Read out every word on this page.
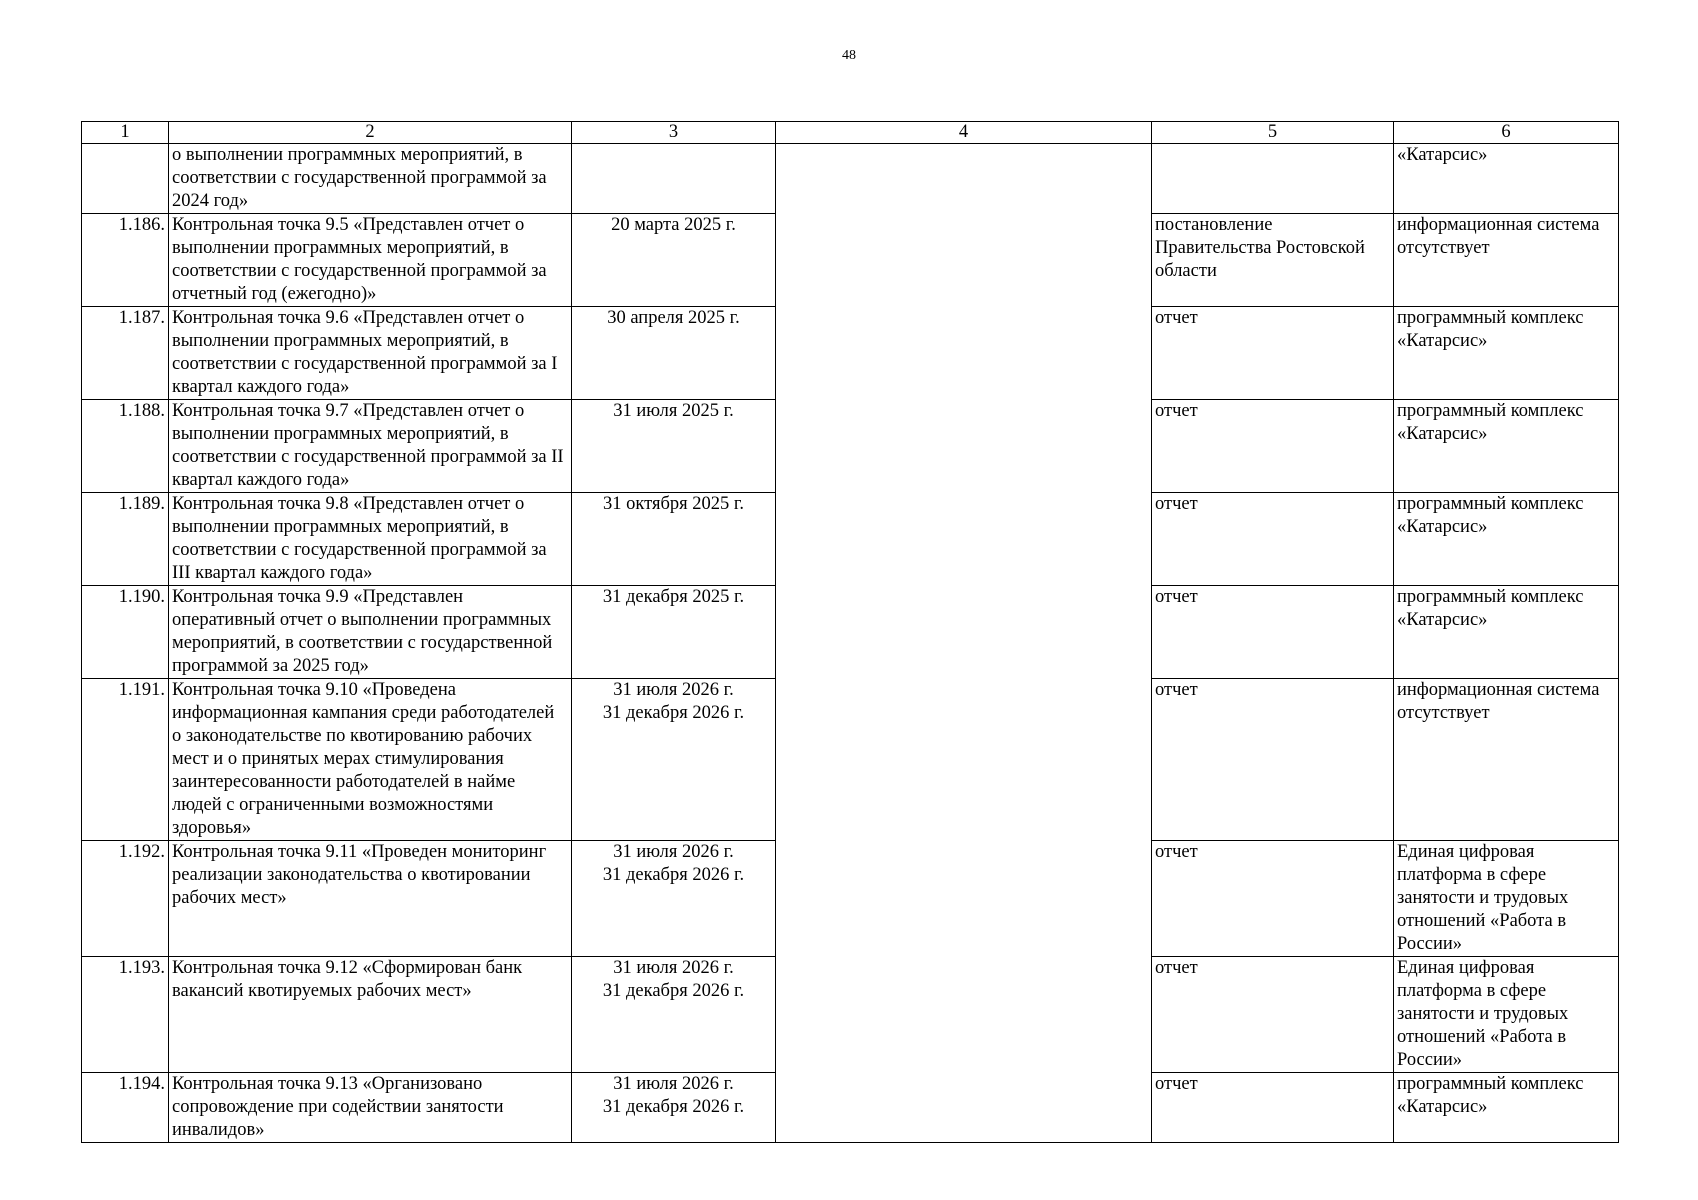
48
1	2	3	4	5	6
	о выполнении программных мероприятий, в соответствии с государственной программой за 2024 год»				«Катарсис»
1.186.	Контрольная точка 9.5 «Представлен отчет о выполнении программных мероприятий, в соответствии с государственной программой за отчетный год (ежегодно)»	20 марта 2025 г.		постановление Правительства Ростовской области	информационная система отсутствует
1.187.	Контрольная точка 9.6 «Представлен отчет о выполнении программных мероприятий, в соответствии с государственной программой за I квартал каждого года»	30 апреля 2025 г.		отчет	программный комплекс «Катарсис»
1.188.	Контрольная точка 9.7 «Представлен отчет о выполнении программных мероприятий, в соответствии с государственной программой за II квартал каждого года»	31 июля 2025 г.		отчет	программный комплекс «Катарсис»
1.189.	Контрольная точка 9.8 «Представлен отчет о выполнении программных мероприятий, в соответствии с государственной программой за III квартал каждого года»	31 октября 2025 г.		отчет	программный комплекс «Катарсис»
1.190.	Контрольная точка 9.9 «Представлен оперативный отчет о выполнении программных мероприятий, в соответствии с государственной программой за 2025 год»	31 декабря 2025 г.		отчет	программный комплекс «Катарсис»
1.191.	Контрольная точка 9.10 «Проведена информационная кампания среди работодателей о законодательстве по квотированию рабочих мест и о принятых мерах стимулирования заинтересованности работодателей в найме людей с ограниченными возможностями здоровья»	31 июля 2026 г.
31 декабря 2026 г.		отчет	информационная система отсутствует
1.192.	Контрольная точка 9.11 «Проведен мониторинг реализации законодательства о квотировании рабочих мест»	31 июля 2026 г.
31 декабря 2026 г.		отчет	Единая цифровая платформа в сфере занятости и трудовых отношений «Работа в России»
1.193.	Контрольная точка 9.12 «Сформирован банк вакансий квотируемых рабочих мест»	31 июля 2026 г.
31 декабря 2026 г.		отчет	Единая цифровая платформа в сфере занятости и трудовых отношений «Работа в России»
1.194.	Контрольная точка 9.13 «Организовано сопровождение при содействии занятости инвалидов»	31 июля 2026 г.
31 декабря 2026 г.		отчет	программный комплекс «Катарсис»
